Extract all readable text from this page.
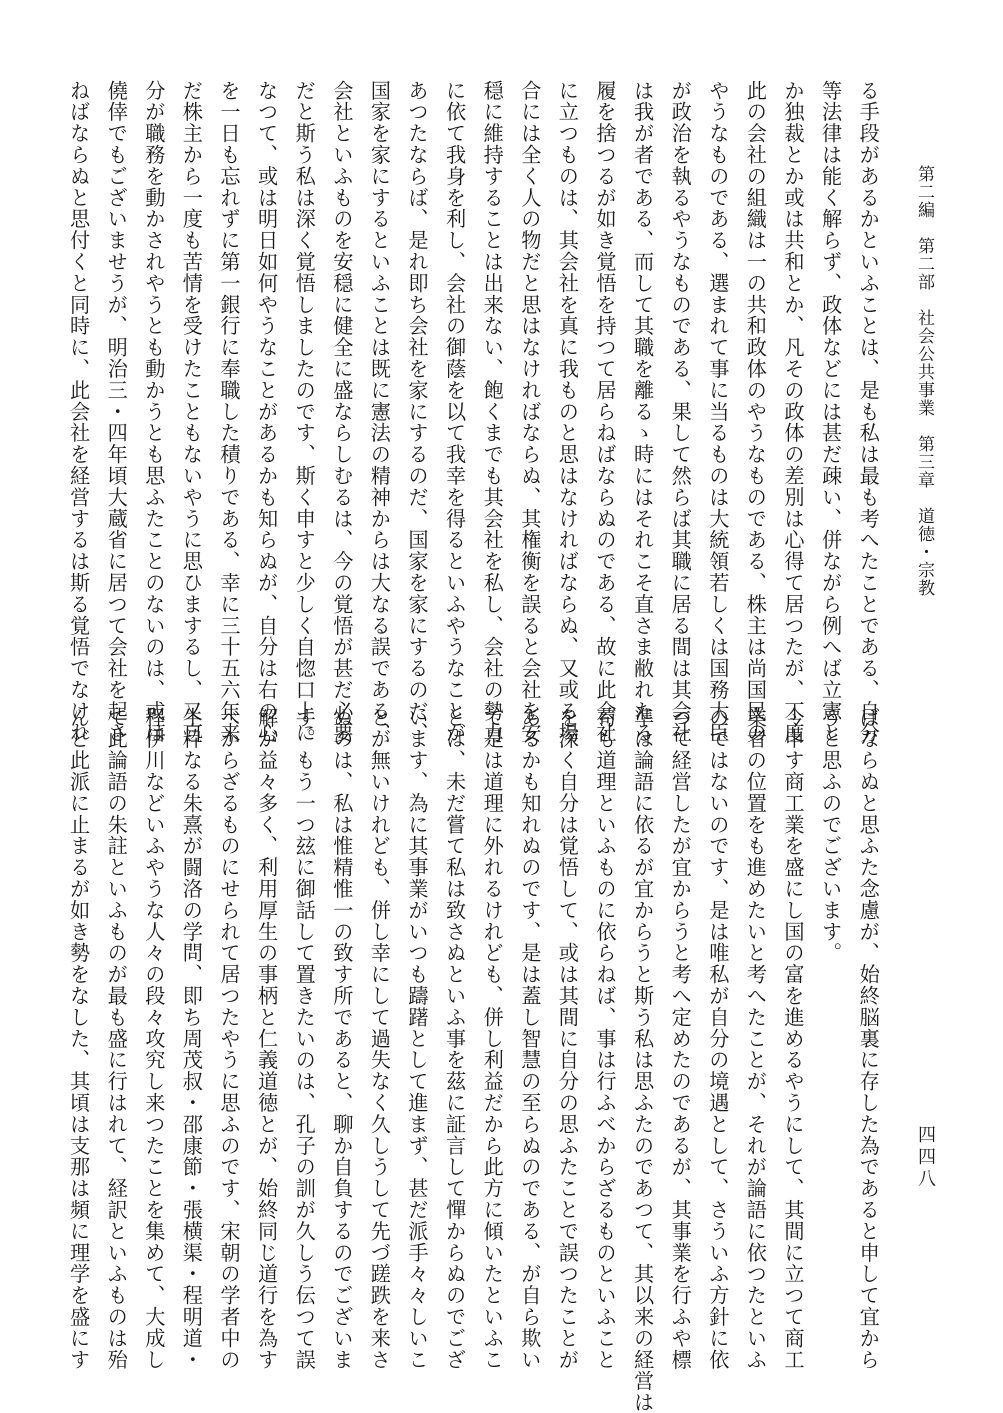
第二編　第二部　社会公共事業　第三章　道徳・宗教
四四八
る手段があるかといふことは、是も私は最も考へたことである、自分
等法律は能く解らず、政体などには甚だ疎い、併ながら例へば立憲と
か独裁とか或は共和とか、凡その政体の差別は心得て居つたが、丁度
此の会社の組織は一の共和政体のやうなものである、株主は尚国民の
やうなものである、選まれて事に当るものは大統領若しくは国務大臣
が政治を執るやうなものである、果して然らば其職に居る間は其会社
は我が者である、而して其職を離るゝ時にはそれこそ直さま敝れたる
履を捨つるが如き覚悟を持つて居らねばならぬのである、故に此会社
に立つものは、其会社を真に我ものと思はなければならぬ、又或る場
合には全く人の物だと思はなければならぬ、其権衡を誤ると会社を安
穏に維持することは出来ない、飽くまでも其会社を私し、会社の勢力
に依て我身を利し、会社の御蔭を以て我幸を得るといふやうなことが
あつたならば、是れ即ち会社を家にするのだ、国家を家にするのだ、
国家を家にするといふことは既に憲法の精神からは大なる誤である、
会社といふものを安穏に健全に盛ならしむるは、今の覚悟が甚だ必要
だと斯う私は深く覚悟しましたのです、斯く申すと少しく自惚口上に
なつて、或は明日如何やうなことがあるかも知らぬが、自分は右の心
を一日も忘れずに第一銀行に奉職した積りである、幸に三十五六年来
だ株主から一度も苦情を受けたこともないやうに思ひまするし、又自
分が職務を動かされやうとも動かうとも思ふたことのないのは、或は
僥倖でもございませうが、明治三・四年頃大蔵省に居つて会社を起さ
ねばならぬと思付くと同時に、此会社を経営するは斯る覚悟でなけれ
ばならぬと思ふた念慮が、始終脳裏に存した為であると申して宜から
うと思ふのでございます。
今申す商工業を盛にし国の富を進めるやうにして、其間に立つて商工
業者の位置をも進めたいと考へたことが、それが論語に依つたといふ
のではないのです、是は唯私が自分の境遇として、さういふ方針に依
つて経営したが宜からうと考へ定めたのであるが、其事業を行ふや標
準は論語に依るが宜からうと斯う私は思ふたのであつて、其以来の経営は
苟も道理といふものに依らねば、事は行ふべからざるものといふこと
を深く自分は覚悟して、或は其間に自分の思ふたことで誤つたことが
あるかも知れぬのです、是は蓋し智慧の至らぬのである、が自ら欺い
て是は道理に外れるけれども、併し利益だから此方に傾いたといふこ
とは、未だ嘗て私は致さぬといふ事を茲に証言して憚からぬのでござ
います、為に其事業がいつも躊躇として進まず、甚だ派手々々しいこ
とが無いけれども、併し幸にして過失なく久しうして先づ蹉跌を来さ
ぬのは、私は惟精惟一の致す所であると、聊か自負するのでございま
す。もう一つ玆に御話して置きたいのは、孔子の訓が久しう伝つて誤
解が益々多く、利用厚生の事柄と仁義道徳とが、始終同じ道行を為す
べからざるものにせられて居つたやうに思ふのです、宋朝の学者中の
生粋なる朱熹が闘洛の学問、即ち周茂叔・邵康節・張横渠・程明道・
程伊川などいふやうな人々の段々攻究し来つたことを集めて、大成し
て此論語の朱註といふものが最も盛に行はれて、経訳といふものは殆
んど此派に止まるが如き勢をなした、其頃は支那は頻に理学を盛にす
